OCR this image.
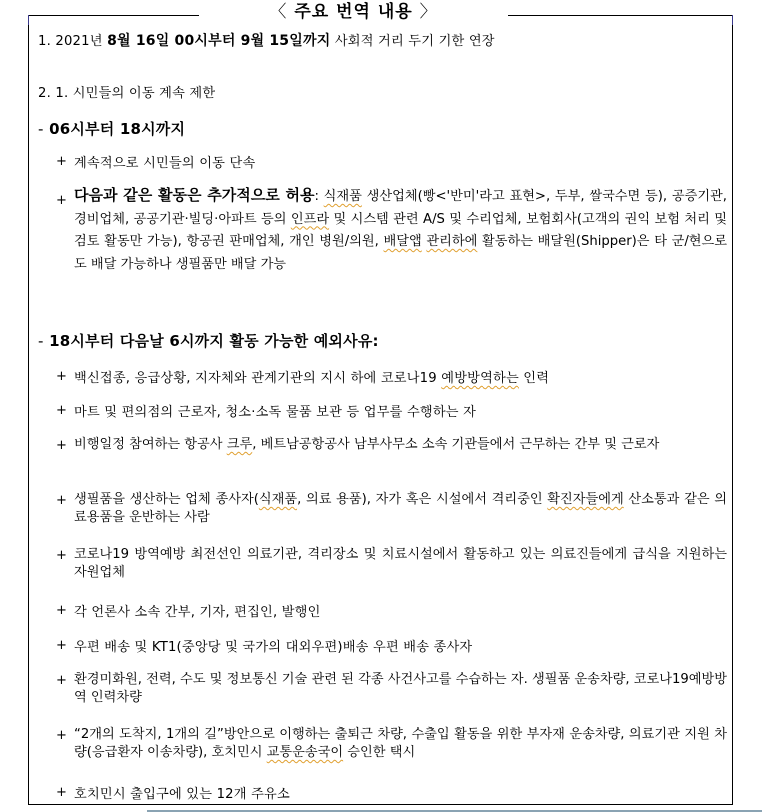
〈 주요 번역 내용 〉
1. 2021년 8월 16일 00시부터 9월 15일까지 사회적 거리 두기 기한 연장
2. 1. 시민들의 이동 계속 제한
- 06시부터 18시까지
+ 계속적으로 시민들의 이동 단속
+ 다음과 같은 활동은 추가적으로 허용: 식재품 생산업체(빵<'반미'라고 표현>, 두부, 쌀국수면 등), 공증기관, 경비업체, 공공기관·빌딩·아파트 등의 인프라 및 시스템 관련 A/S 및 수리업체, 보험회사(고객의 권익 보험 처리 및 검토 활동만 가능), 항공권 판매업체, 개인 병원/의원, 배달앱 관리하에 활동하는 배달원(Shipper)은 타 군/현으로도 배달 가능하나 생필품만 배달 가능
- 18시부터 다음날 6시까지 활동 가능한 예외사유:
+ 백신접종, 응급상황, 지자체와 관계기관의 지시 하에 코로나19 예방방역하는 인력
+ 마트 및 편의점의 근로자, 청소·소독 물품 보관 등 업무를 수행하는 자
+ 비행일정 참여하는 항공사 크루, 베트남공항공사 남부사무소 소속 기관들에서 근무하는 간부 및 근로자
+ 생필품을 생산하는 업체 종사자(식재품, 의료 용품), 자가 혹은 시설에서 격리중인 확진자들에게 산소통과 같은 의료용품을 운반하는 사람
+ 코로나19 방역예방 최전선인 의료기관, 격리장소 및 치료시설에서 활동하고 있는 의료진들에게 급식을 지원하는 자원업체
+ 각 언론사 소속 간부, 기자, 편집인, 발행인
+ 우편 배송 및 KT1(중앙당 및 국가의 대외우편)배송 우편 배송 종사자
+ 환경미화원, 전력, 수도 및 정보통신 기술 관련 된 각종 사건사고를 수습하는 자. 생필품 운송차량, 코로나19예방방역 인력차량
+ “2개의 도착지, 1개의 길”방안으로 이행하는 출퇴근 차량, 수출입 활동을 위한 부자재 운송차량, 의료기관 지원 차량(응급환자 이송차량), 호치민시 교통운송국이 승인한 택시
+ 호치민시 출입구에 있는 12개 주유소
